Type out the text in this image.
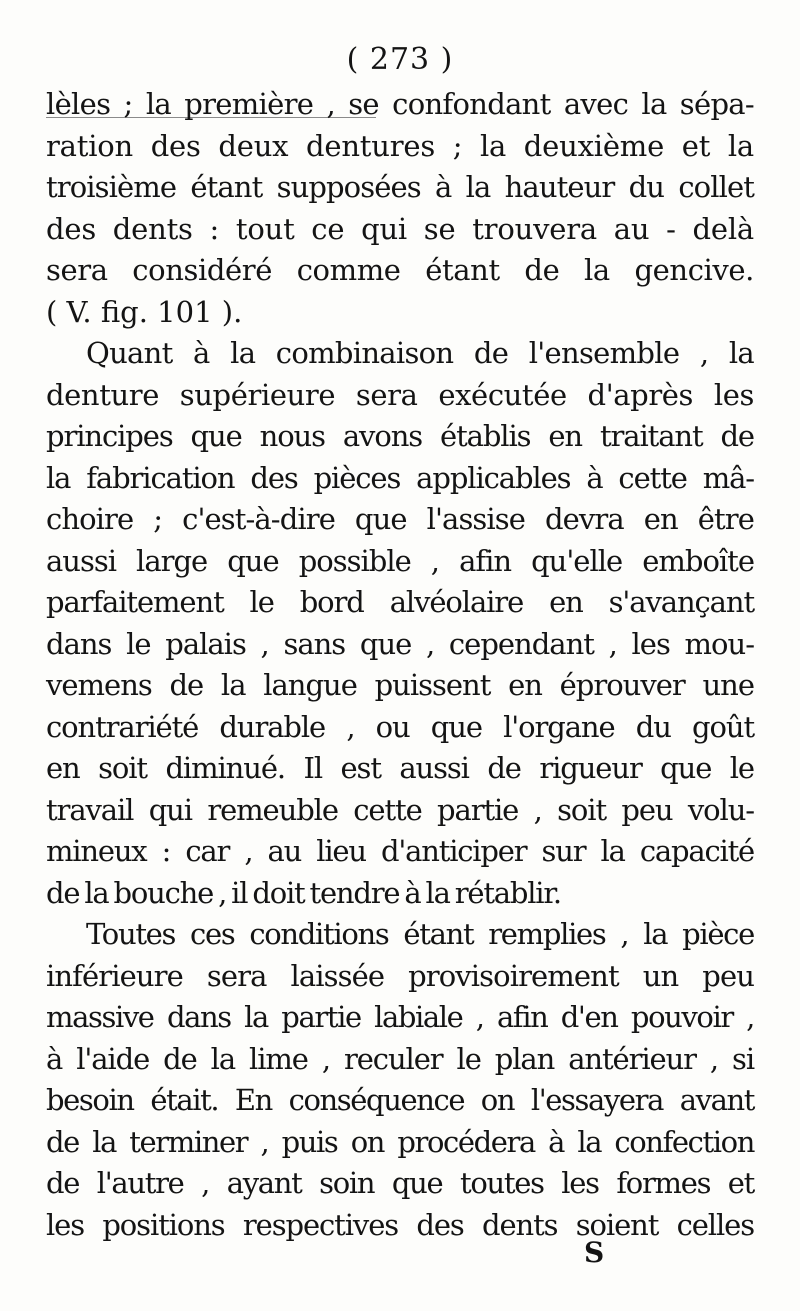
( 273 )
lèles ; la première , se confondant avec la sépa-
ration des deux dentures ; la deuxième et la
troisième étant supposées à la hauteur du collet
des dents : tout ce qui se trouvera au - delà
sera considéré comme étant de la gencive.
( V. fig. 101 ).
Quant à la combinaison de l'ensemble , la
denture supérieure sera exécutée d'après les
principes que nous avons établis en traitant de
la fabrication des pièces applicables à cette mâ-
choire ; c'est-à-dire que l'assise devra en être
aussi large que possible , afin qu'elle emboîte
parfaitement le bord alvéolaire en s'avançant
dans le palais , sans que , cependant , les mou-
vemens de la langue puissent en éprouver une
contrariété durable , ou que l'organe du goût
en soit diminué. Il est aussi de rigueur que le
travail qui remeuble cette partie , soit peu volu-
mineux : car , au lieu d'anticiper sur la capacité
de la bouche , il doit tendre à la rétablir.
Toutes ces conditions étant remplies , la pièce
inférieure sera laissée provisoirement un peu
massive dans la partie labiale , afin d'en pouvoir ,
à l'aide de la lime , reculer le plan antérieur , si
besoin était. En conséquence on l'essayera avant
de la terminer , puis on procédera à la confection
de l'autre , ayant soin que toutes les formes et
les positions respectives des dents soient celles
S
